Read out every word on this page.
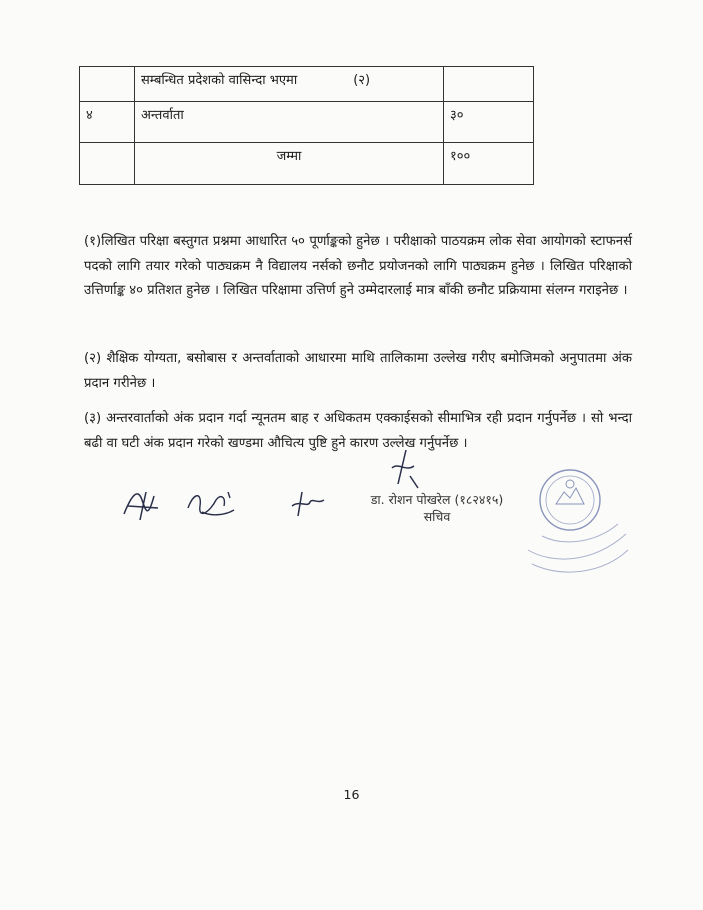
	सम्बन्धित प्रदेशको वासिन्दा भएमा (२)	
४	अन्तर्वाता	३०
	जम्मा	१००

(१)लिखित परिक्षा बस्तुगत प्रश्नमा आधारित ५० पूर्णाङ्कको हुनेछ । परीक्षाको पाठयक्रम लोक सेवा आयोगको स्टाफनर्स पदको लागि तयार गरेको पाठ्यक्रम नै विद्यालय नर्सको छनौट प्रयोजनको लागि पाठ्यक्रम हुनेछ । लिखित परिक्षाको उत्तिर्णाङ्क ४० प्रतिशत हुनेछ । लिखित परिक्षामा उत्तिर्ण हुने उम्मेदारलाई मात्र बाँकी छनौट प्रक्रियामा संलग्न गराइनेछ ।

(२) शैक्षिक योग्यता, बसोबास र अन्तर्वाताको आधारमा माथि तालिकामा उल्लेख गरीए बमोजिमको अनुपातमा अंक प्रदान गरीनेछ ।

(३) अन्तरवार्ताको अंक प्रदान गर्दा न्यूनतम बाह र अधिकतम एक्काईसको सीमाभित्र रही प्रदान गर्नुपर्नेछ । सो भन्दा बढी वा घटी अंक प्रदान गरेको खण्डमा औचित्य पुष्टि हुने कारण उल्लेख गर्नुपर्नेछ ।

डा. रोशन पोखरेल (१८२४१५)
सचिव
16
